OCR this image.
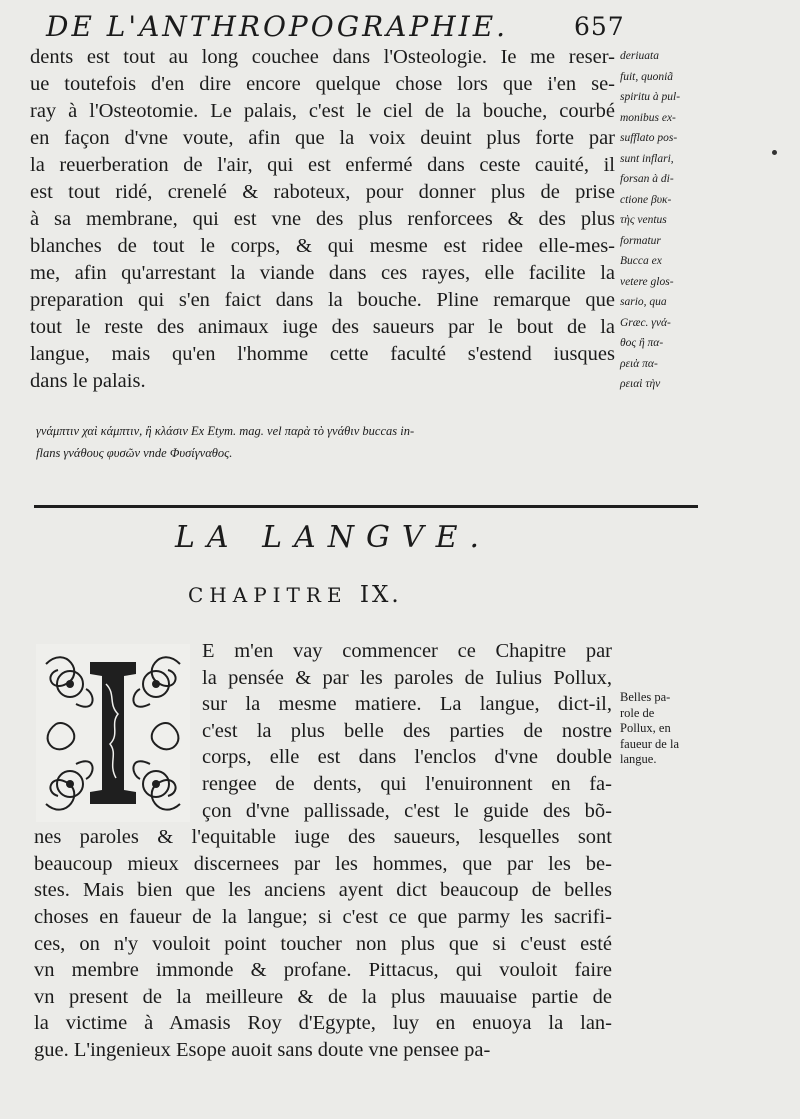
DE L'ANTHROPOGRAPHIE.	657
dents est tout au long couchee dans l'Osteologie. Ie me reser-
ue toutefois d'en dire encore quelque chose lors que i'en se-
ray à l'Osteotomie. Le palais, c'est le ciel de la bouche, courbé
en façon d'vne voute, afin que la voix deuint plus forte par
la reuerberation de l'air, qui est enfermé dans ceste cauité, il
est tout ridé, crenelé & raboteux, pour donner plus de prise
à sa membrane, qui est vne des plus renforcees & des plus
blanches de tout le corps, & qui mesme est ridee elle-mes-
me, afin qu'arrestant la viande dans ces rayes, elle facilite la
preparation qui s'en faict dans la bouche. Pline remarque que
tout le reste des animaux iuge des saueurs par le bout de la
langue, mais qu'en l'homme cette faculté s'estend iusques
dans le palais.
deriuata
fuit, quoniã
spiritu à pul-
monibus ex-
sufflato pos-
sunt inflari,
forsan à di-
ctione βυκ-
τὴς ventus
formatur
Bucca ex
vetere glos-
sario, qua
Græc. γνά-
θος ἢ πα-
ρειὰ πα-
ρειαὶ τὴν
γνάμπτιν χαὶ κάμπτιν, ἢ κλάσιν Ex Etym. mag. vel παρὰ τὸ γνάθιν buccas in-
flans γνάθους φυσῶν vnde Φυσίγναθος.
LA LANGVE.
CHAPITRE IX.
E m'en vay commencer ce Chapitre par
la pensée & par les paroles de Iulius Pollux,
sur la mesme matiere. La langue, dict-il,
c'est la plus belle des parties de nostre
corps, elle est dans l'enclos d'vne double
rengee de dents, qui l'enuironnent en fa-
çon d'vne pallissade, c'est le guide des bõ-
nes paroles & l'equitable iuge des saueurs, lesquelles sont
beaucoup mieux discernees par les hommes, que par les be-
stes. Mais bien que les anciens ayent dict beaucoup de belles
choses en faueur de la langue; si c'est ce que parmy les sacrifi-
ces, on n'y vouloit point toucher non plus que si c'eust esté
vn membre immonde & profane. Pittacus, qui vouloit faire
vn present de la meilleure & de la plus mauuaise partie de
la victime à Amasis Roy d'Egypte, luy en enuoya la lan-
gue. L'ingenieux Esope auoit sans doute vne pensee pa-
Belles pa-
role de
Pollux, en
faueur de la
langue.
